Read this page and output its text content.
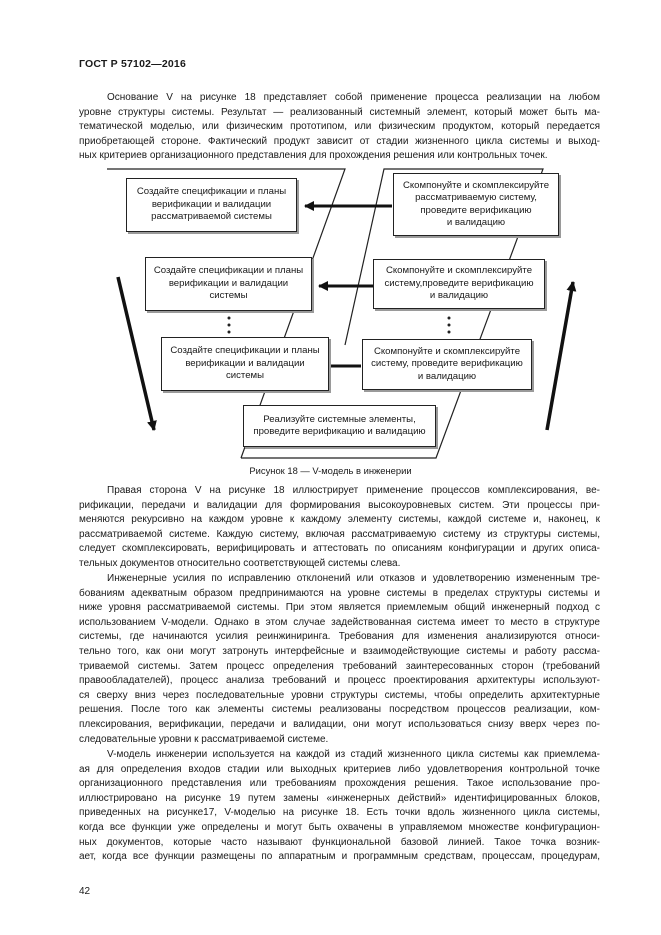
ГОСТ Р 57102—2016
Основание V на рисунке 18 представляет собой применение процесса реализации на любом
уровне структуры системы. Результат — реализованный системный элемент, который может быть ма-
тематической моделью, или физическим прототипом, или физическим продуктом, который передается
приобретающей стороне. Фактический продукт зависит от стадии жизненного цикла системы и выход-
ных критериев организационного представления для прохождения решения или контрольных точек.
Создайте спецификации и планы
верификации и валидации
рассматриваемой системы
Скомпонуйте и скомплексируйте
рассматриваемую систему,
проведите верификацию
и валидацию
Создайте спецификации и планы
верификации и валидации
системы
Скомпонуйте и скомплексируйте
систему,проведите верификацию
и валидацию
Создайте спецификации и планы
верификации и валидации
системы
Скомпонуйте и скомплексируйте
систему, проведите верификацию
и валидацию
Реализуйте системные элементы,
проведите верификацию и валидацию
Рисунок 18 — V-модель в инженерии
Правая сторона V на рисунке 18 иллюстрирует применение процессов комплексирования, ве-
рификации, передачи и валидации для формирования высокоуровневых систем. Эти процессы при-
меняются рекурсивно на каждом уровне к каждому элементу системы, каждой системе и, наконец, к
рассматриваемой системе. Каждую систему, включая рассматриваемую систему из структуры системы,
следует скомплексировать, верифицировать и аттестовать по описаниям конфигурации и других описа-
тельных документов относительно соответствующей системы слева.
Инженерные усилия по исправлению отклонений или отказов и удовлетворению измененным тре-
бованиям адекватным образом предпринимаются на уровне системы в пределах структуры системы и
ниже уровня рассматриваемой системы. При этом является приемлемым общий инженерный подход с
использованием V-модели. Однако в этом случае задействованная система имеет то место в структуре
системы, где начинаются усилия реинжиниринга. Требования для изменения анализируются относи-
тельно того, как они могут затронуть интерфейсные и взаимодействующие системы и работу рассма-
триваемой системы. Затем процесс определения требований заинтересованных сторон (требований
правообладателей), процесс анализа требований и процесс проектирования архитектуры используют-
ся сверху вниз через последовательные уровни структуры системы, чтобы определить архитектурные
решения. После того как элементы системы реализованы посредством процессов реализации, ком-
плексирования, верификации, передачи и валидации, они могут использоваться снизу вверх через по-
следовательные уровни к рассматриваемой системе.
V-модель инженерии используется на каждой из стадий жизненного цикла системы как приемлема-
ая для определения входов стадии или выходных критериев либо удовлетворения контрольной точке
организационного представления или требованиям прохождения решения. Такое использование про-
иллюстрировано на рисунке 19 путем замены «инженерных действий» идентифицированных блоков,
приведенных на рисунке17, V-моделью на рисунке 18. Есть точки вдоль жизненного цикла системы,
когда все функции уже определены и могут быть охвачены в управляемом множестве конфигурацион-
ных документов, которые часто называют функциональной базовой линией. Такое точка возник-
ает, когда все функции размещены по аппаратным и программным средствам, процессам, процедурам,
42
